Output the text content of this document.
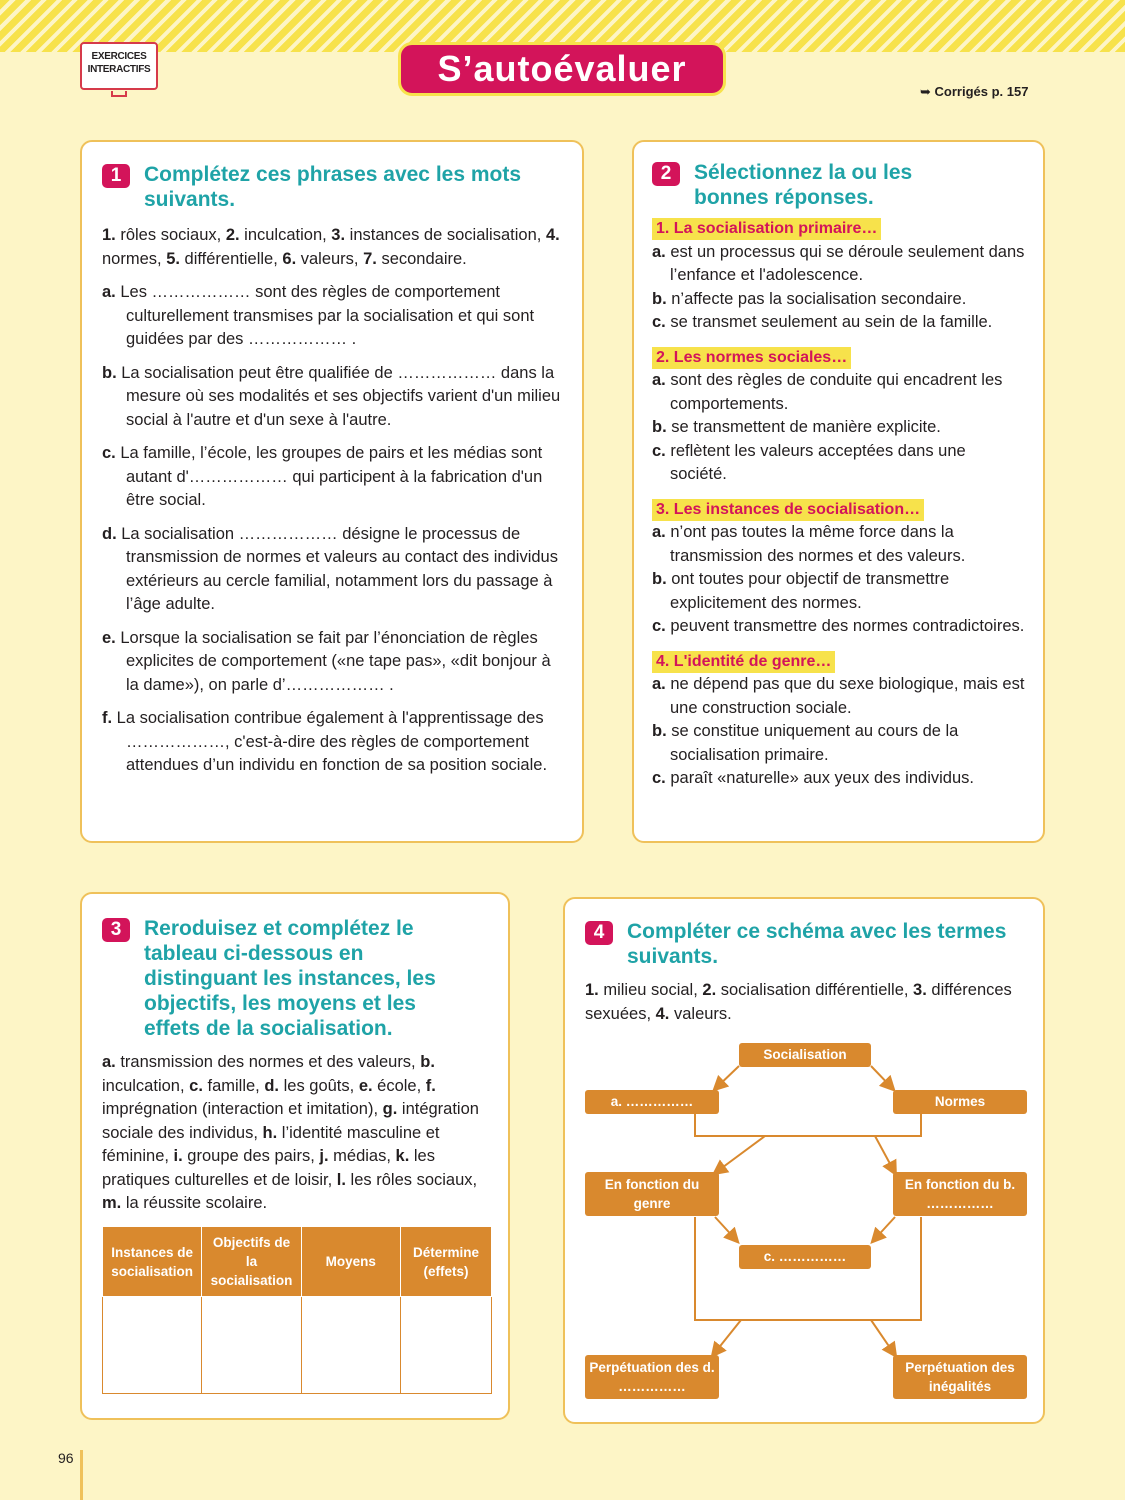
EXERCICES
INTERACTIFS	S’autoévaluer
➥ Corrigés p. 157
1	Complétez ces phrases avec les mots suivants.
1. rôles sociaux, 2. inculcation, 3. instances de socialisation, 4. normes, 5. différentielle, 6. valeurs, 7. secondaire.
a. Les ……………… sont des règles de comportement culturellement transmises par la socialisation et qui sont guidées par des ……………… .
b. La socialisation peut être qualifiée de ……………… dans la mesure où ses modalités et ses objectifs varient d'un milieu social à l'autre et d'un sexe à l'autre.
c. La famille, l’école, les groupes de pairs et les médias sont autant d'……………… qui participent à la fabrication d'un être social.
d. La socialisation ……………… désigne le processus de transmission de normes et valeurs au contact des individus extérieurs au cercle familial, notamment lors du passage à l’âge adulte.
e. Lorsque la socialisation se fait par l’énonciation de règles explicites de comportement («ne tape pas», «dit bonjour à la dame»), on parle d’……………… .
f. La socialisation contribue également à l'apprentissage des ………………, c'est-à-dire des règles de comportement attendues d’un individu en fonction de sa position sociale.
2	Sélectionnez la ou les bonnes réponses.
1. La socialisation primaire…
a. est un processus qui se déroule seulement dans l’enfance et l'adolescence.
b. n’affecte pas la socialisation secondaire.
c. se transmet seulement au sein de la famille.
2. Les normes sociales…
a. sont des règles de conduite qui encadrent les comportements.
b. se transmettent de manière explicite.
c. reflètent les valeurs acceptées dans une société.
3. Les instances de socialisation…
a. n’ont pas toutes la même force dans la transmission des normes et des valeurs.
b. ont toutes pour objectif de transmettre explicitement des normes.
c. peuvent transmettre des normes contradictoires.
4. L'identité de genre…
a. ne dépend pas que du sexe biologique, mais est une construction sociale.
b. se constitue uniquement au cours de la socialisation primaire.
c. paraît «naturelle» aux yeux des individus.
3	Reroduisez et complétez le tableau ci-dessous en distinguant les instances, les objectifs, les moyens et les effets de la socialisation.
a. transmission des normes et des valeurs, b. inculcation, c. famille, d. les goûts, e. école, f. imprégnation (interaction et imitation), g. intégration sociale des individus, h. l’identité masculine et féminine, i. groupe des pairs, j. médias, k. les pratiques culturelles et de loisir, l. les rôles sociaux, m. la réussite scolaire.
Instances de socialisation	Objectifs de la socialisation	Moyens	Détermine (effets)

4	Compléter ce schéma avec les termes suivants.
1. milieu social, 2. socialisation différentielle, 3. différences sexuées, 4. valeurs.
Socialisation
a. ……………	Normes
En fonction du genre
En fonction du b. ……………
c. ……………
Perpétuation des d. ……………
Perpétuation des inégalités
96
